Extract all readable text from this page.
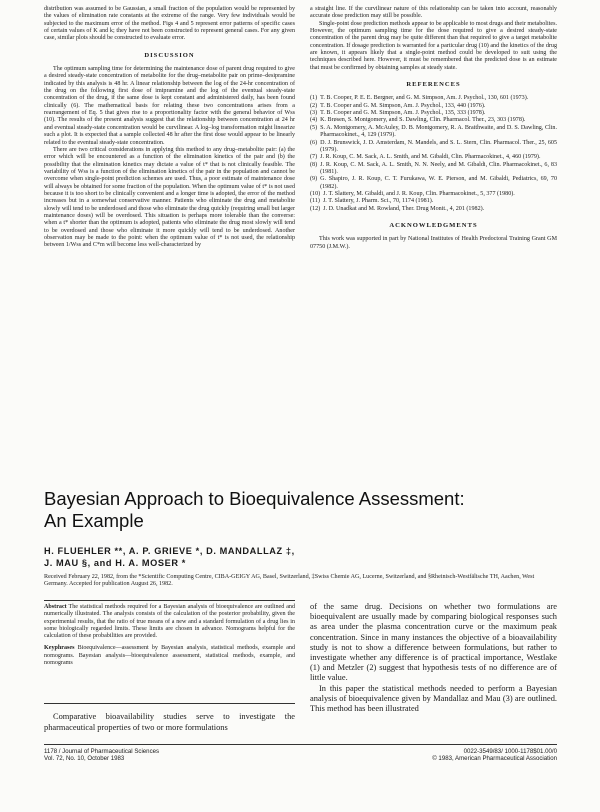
distribution was assumed to be Gaussian, a small fraction of the population would be represented by the values of elimination rate constants at the extreme of the range. Very few individuals would be subjected to the maximum error of the method. Figs 4 and 5 represent error patterns of specific cases of certain values of K and k; they have not been constructed to represent general cases. For any given case, similar plots should be constructed to evaluate error.

DISCUSSION

The optimum sampling time for determining the maintenance dose of parent drug required to give a desired steady-state concentration of metabolite for the drug–metabolite pair on prime–desipramine indicated by this analysis is 48 hr. A linear relationship between the log of the 24-hr concentration of the drug on the following first dose of imipramine and the log of the eventual steady-state concentration of the drug, if the same dose is kept constant and administered daily, has been found clinically (6). The mathematical basis for relating these two concentrations arises from a rearrangement of Eq. 5 that gives rise to a proportionality factor with the general behavior of Wss (10). The results of the present analysis suggest that the relationship between concentration at 24 hr and eventual steady-state concentration would be curvilinear. A log–log transformation might linearize such a plot. It is expected that a sample collected 48 hr after the first dose would appear to be linearly related to the eventual steady-state concentration.

There are two critical considerations in applying this method to any drug–metabolite pair: (a) the error which will be encountered as a function of the elimination kinetics of the pair and (b) the possibility that the elimination kinetics may dictate a value of t* that is not clinically feasible. The variability of Wss is a function of the elimination kinetics of the pair in the population and cannot be overcome when single-point prediction schemes are used. Thus, a poor estimate of maintenance dose will always be obtained for some fraction of the population. When the optimum value of t* is not used because it is too short to be clinically convenient and a longer time is adopted, the error of the method increases but in a somewhat conservative manner. Patients who eliminate the drug and metabolite slowly will tend to be underdosed and those who eliminate the drug quickly (requiring small but larger maintenance doses) will be overdosed. This situation is perhaps more tolerable than the converse: when a t* shorter than the optimum is adopted, patients who eliminate the drug most slowly will tend to be overdosed and those who eliminate it more quickly will tend to be underdosed. Another observation may be made to the point: when the optimum value of t* is not used, the relationship between 1/Wss and C*m will become less well-characterized by

a straight line. If the curvilinear nature of this relationship can be taken into account, reasonably accurate dose prediction may still be possible.

Single-point dose prediction methods appear to be applicable to most drugs and their metabolites. However, the optimum sampling time for the dose required to give a desired steady-state concentration of the parent drug may be quite different than that required to give a target metabolite concentration. If dosage prediction is warranted for a particular drug (10) and the kinetics of the drug are known, it appears likely that a single-point method could be developed to suit using the techniques described here. However, it must be remembered that the predicted dose is an estimate that must be confirmed by obtaining samples at steady state.

REFERENCES

(1) T. B. Cooper, P. E. E. Bergner, and G. M. Simpson, Am. J. Psychol., 130, 601 (1973).
(2) T. B. Cooper and G. M. Simpson, Am. J. Psychol., 133, 440 (1976).
(3) T. B. Cooper and G. M. Simpson, Am. J. Psychol., 135, 333 (1978).
(4) K. Brøsen, S. Montgomery, and S. Dawling, Clin. Pharmacol. Ther., 23, 303 (1978).
(5) S. A. Montgomery, A. McAuley, D. B. Montgomery, R. A. Braithwaite, and D. S. Dawling, Clin. Pharmacokinet., 4, 129 (1979).
(6) D. J. Brunswick, J. D. Amsterdam, N. Mandels, and S. L. Stern, Clin. Pharmacol. Ther., 25, 605 (1979).
(7) J. R. Koup, C. M. Sack, A. L. Smith, and M. Gibaldi, Clin. Pharmacokinet., 4, 460 (1979).
(8) J. R. Koup, C. M. Sack, A. L. Smith, N. N. Neely, and M. Gibaldi, Clin. Pharmacokinet., 6, 83 (1981).
(9) G. Shapiro, J. R. Koup, C. T. Furukawa, W. E. Pierson, and M. Gibaldi, Pediatrics, 69, 70 (1982).
(10) J. T. Slattery, M. Gibaldi, and J. R. Koup, Clin. Pharmacokinet., 5, 377 (1980).
(11) J. T. Slattery, J. Pharm. Sci., 70, 1174 (1981).
(12) J. D. Unadkat and M. Rowland, Ther. Drug Monit., 4, 201 (1982).

ACKNOWLEDGMENTS

This work was supported in part by National Institutes of Health Predoctoral Training Grant GM 07750 (J.M.W.).

Bayesian Approach to Bioequivalence Assessment:
An Example
H. FLUEHLER **, A. P. GRIEVE *, D. MANDALLAZ ‡,
J. MAU §, and H. A. MOSER *
Received February 22, 1982, from the *Scientific Computing Centre, CIBA-GEIGY AG, Basel, Switzerland, ‡Swiss Chemie AG, Lucerne, Switzerland, and §Rheinisch-Westfälische TH, Aachen, West Germany. Accepted for publication August 26, 1982.

Abstract The statistical methods required for a Bayesian analysis of bioequivalence are outlined and numerically illustrated. The analysis consists of the calculation of the posterior probability, given the experimental results, that the ratio of true means of a new and a standard formulation of a drug lies in some biologically regarded limits. These limits are chosen in advance. Nomograms helpful for the calculation of these probabilities are provided.

Keyphrases Bioequivalence—assessment by Bayesian analysis, statistical methods, example and nomograms. Bayesian analysis—bioequivalence assessment, statistical methods, example, and nomograms

Comparative bioavailability studies serve to investigate the pharmaceutical properties of two or more formulations

of the same drug. Decisions on whether two formulations are bioequivalent are usually made by comparing biological responses such as area under the plasma concentration curve or the maximum peak concentration. Since in many instances the objective of a bioavailability study is not to show a difference between formulations, but rather to investigate whether any difference is of practical importance, Westlake (1) and Metzler (2) suggest that hypothesis tests of no difference are of little value.

In this paper the statistical methods needed to perform a Bayesian analysis of bioequivalence given by Mandallaz and Mau (3) are outlined. This method has been illustrated

1178 / Journal of Pharmaceutical Sciences
Vol. 72, No. 10, October 1983
0022-3549/83/ 1000-1178$01.00/0
© 1983, American Pharmaceutical Association
